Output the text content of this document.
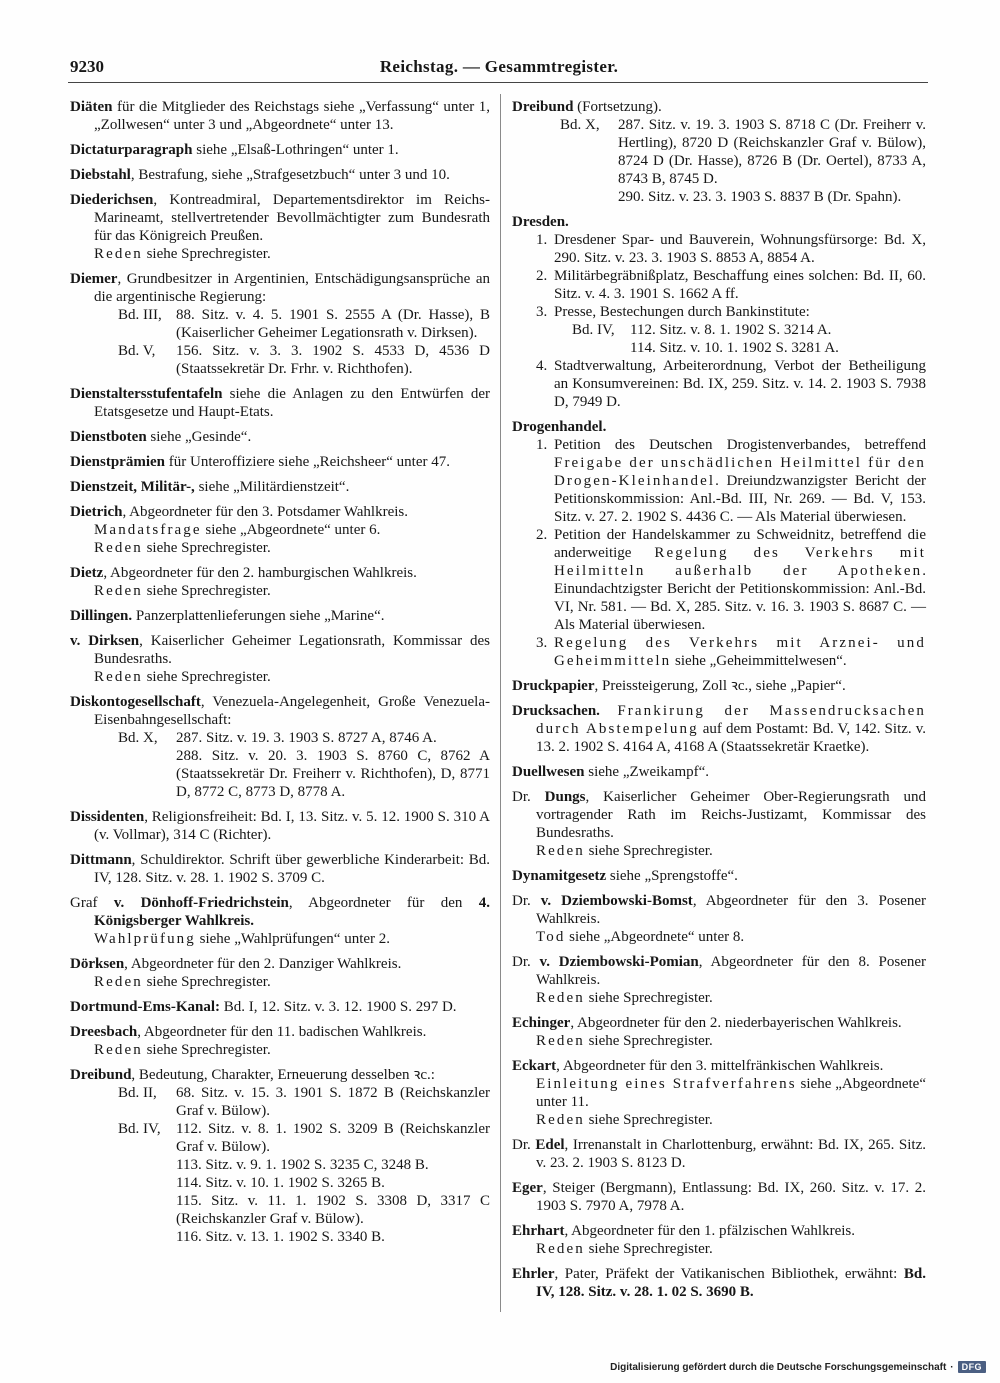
9230	Reichstag. — Gesammtregister.
Diäten für die Mitglieder des Reichstags siehe „Verfassung“ unter 1, „Zollwesen“ unter 3 und „Abgeordnete“ unter 13.
Dictaturparagraph siehe „Elsaß-Lothringen“ unter 1.
Diebstahl, Bestrafung, siehe „Strafgesetzbuch“ unter 3 und 10.
Diederichsen, Kontreadmiral, Departementsdirektor im Reichs-Marineamt, stellvertretender Bevollmächtigter zum Bundesrath für das Königreich Preußen.
Reden siehe Sprechregister.
Diemer, Grundbesitzer in Argentinien, Entschädigungsansprüche an die argentinische Regierung:
Bd. III, 88. Sitz. v. 4. 5. 1901 S. 2555 A (Dr. Hasse), B (Kaiserlicher Geheimer Legationsrath v. Dirksen).
Bd. V,	156. Sitz. v. 3. 3. 1902 S. 4533 D, 4536 D (Staatssekretär Dr. Frhr. v. Richthofen).
Dienstaltersstufentafeln siehe die Anlagen zu den Entwürfen der Etatsgesetze und Haupt-Etats.
Dienstboten siehe „Gesinde“.
Dienstprämien für Unteroffiziere siehe „Reichsheer“ unter 47.
Dienstzeit, Militär-, siehe „Militärdienstzeit“.
Dietrich, Abgeordneter für den 3. Potsdamer Wahlkreis.
Mandatsfrage siehe „Abgeordnete“ unter 6.
Reden siehe Sprechregister.
Dietz, Abgeordneter für den 2. hamburgischen Wahlkreis.
Reden siehe Sprechregister.
Dillingen. Panzerplattenlieferungen siehe „Marine“.
v. Dirksen, Kaiserlicher Geheimer Legationsrath, Kommissar des Bundesraths.
Reden siehe Sprechregister.
Diskontogesellschaft, Venezuela-Angelegenheit, Große Venezuela-Eisenbahngesellschaft:
Bd. X,	287. Sitz. v. 19. 3. 1903 S. 8727 A, 8746 A.
288. Sitz. v. 20. 3. 1903 S. 8760 C, 8762 A (Staatssekretär Dr. Freiherr v. Richthofen), D, 8771 D, 8772 C, 8773 D, 8778 A.
Dissidenten, Religionsfreiheit: Bd. I, 13. Sitz. v. 5. 12. 1900 S. 310 A (v. Vollmar), 314 C (Richter).
Dittmann, Schuldirektor. Schrift über gewerbliche Kinderarbeit: Bd. IV, 128. Sitz. v. 28. 1. 1902 S. 3709 C.
Graf v. Dönhoff-Friedrichstein, Abgeordneter für den 4. Königsberger Wahlkreis.
Wahlprüfung siehe „Wahlprüfungen“ unter 2.
Dörksen, Abgeordneter für den 2. Danziger Wahlkreis.
Reden siehe Sprechregister.
Dortmund-Ems-Kanal: Bd. I, 12. Sitz. v. 3. 12. 1900 S. 297 D.
Dreesbach, Abgeordneter für den 11. badischen Wahlkreis.
Reden siehe Sprechregister.
Dreibund, Bedeutung, Charakter, Erneuerung desselben ꝛc.:
Bd. II,	68. Sitz. v. 15. 3. 1901 S. 1872 B (Reichskanzler Graf v. Bülow).
Bd. IV,	112. Sitz. v. 8. 1. 1902 S. 3209 B (Reichskanzler Graf v. Bülow).
113. Sitz. v. 9. 1. 1902 S. 3235 C, 3248 B.
114. Sitz. v. 10. 1. 1902 S. 3265 B.
115. Sitz. v. 11. 1. 1902 S. 3308 D, 3317 C (Reichskanzler Graf v. Bülow).
116. Sitz. v. 13. 1. 1902 S. 3340 B.
Dreibund (Fortsetzung).
Bd. X,	287. Sitz. v. 19. 3. 1903 S. 8718 C (Dr. Freiherr v. Hertling), 8720 D (Reichskanzler Graf v. Bülow), 8724 D (Dr. Hasse), 8726 B (Dr. Oertel), 8733 A, 8743 B, 8745 D.
290. Sitz. v. 23. 3. 1903 S. 8837 B (Dr. Spahn).
Dresden.
1. Dresdener Spar- und Bauverein, Wohnungsfürsorge: Bd. X, 290. Sitz. v. 23. 3. 1903 S. 8853 A, 8854 A.
2. Militärbegräbnißplatz, Beschaffung eines solchen: Bd. II, 60. Sitz. v. 4. 3. 1901 S. 1662 A ff.
3. Presse, Bestechungen durch Bankinstitute:
Bd. IV,	112. Sitz. v. 8. 1. 1902 S. 3214 A.
114. Sitz. v. 10. 1. 1902 S. 3281 A.
4. Stadtverwaltung, Arbeiterordnung, Verbot der Betheiligung an Konsumvereinen: Bd. IX, 259. Sitz. v. 14. 2. 1903 S. 7938 D, 7949 D.
Drogenhandel.
1. Petition des Deutschen Drogistenverbandes, betreffend Freigabe der unschädlichen Heilmittel für den Drogen-Kleinhandel. Dreiundzwanzigster Bericht der Petitionskommission: Anl.-Bd. III, Nr. 269. — Bd. V, 153. Sitz. v. 27. 2. 1902 S. 4436 C. — Als Material überwiesen.
2. Petition der Handelskammer zu Schweidnitz, betreffend die anderweitige Regelung des Verkehrs mit Heilmitteln außerhalb der Apotheken. Einundachtzigster Bericht der Petitionskommission: Anl.-Bd. VI, Nr. 581. — Bd. X, 285. Sitz. v. 16. 3. 1903 S. 8687 C. — Als Material überwiesen.
3. Regelung des Verkehrs mit Arznei- und Geheimmitteln siehe „Geheimmittelwesen“.
Druckpapier, Preissteigerung, Zoll ꝛc., siehe „Papier“.
Drucksachen. Frankirung der Massendrucksachen durch Abstempelung auf dem Postamt: Bd. V, 142. Sitz. v. 13. 2. 1902 S. 4164 A, 4168 A (Staatssekretär Kraetke).
Duellwesen siehe „Zweikampf“.
Dr. Dungs, Kaiserlicher Geheimer Ober-Regierungsrath und vortragender Rath im Reichs-Justizamt, Kommissar des Bundesraths.
Reden siehe Sprechregister.
Dynamitgesetz siehe „Sprengstoffe“.
Dr. v. Dziembowski-Bomst, Abgeordneter für den 3. Posener Wahlkreis.
Tod siehe „Abgeordnete“ unter 8.
Dr. v. Dziembowski-Pomian, Abgeordneter für den 8. Posener Wahlkreis.
Reden siehe Sprechregister.
Echinger, Abgeordneter für den 2. niederbayerischen Wahlkreis.
Reden siehe Sprechregister.
Eckart, Abgeordneter für den 3. mittelfränkischen Wahlkreis.
Einleitung eines Strafverfahrens siehe „Abgeordnete“ unter 11.
Reden siehe Sprechregister.
Dr. Edel, Irrenanstalt in Charlottenburg, erwähnt: Bd. IX, 265. Sitz. v. 23. 2. 1903 S. 8123 D.
Eger, Steiger (Bergmann), Entlassung: Bd. IX, 260. Sitz. v. 17. 2. 1903 S. 7970 A, 7978 A.
Ehrhart, Abgeordneter für den 1. pfälzischen Wahlkreis.
Reden siehe Sprechregister.
Ehrler, Pater, Präfekt der Vatikanischen Bibliothek, erwähnt: Bd. IV, 128. Sitz. v. 28. 1. 02 S. 3690 B.
Digitalisierung gefördert durch die Deutsche Forschungsgemeinschaft · DFG
